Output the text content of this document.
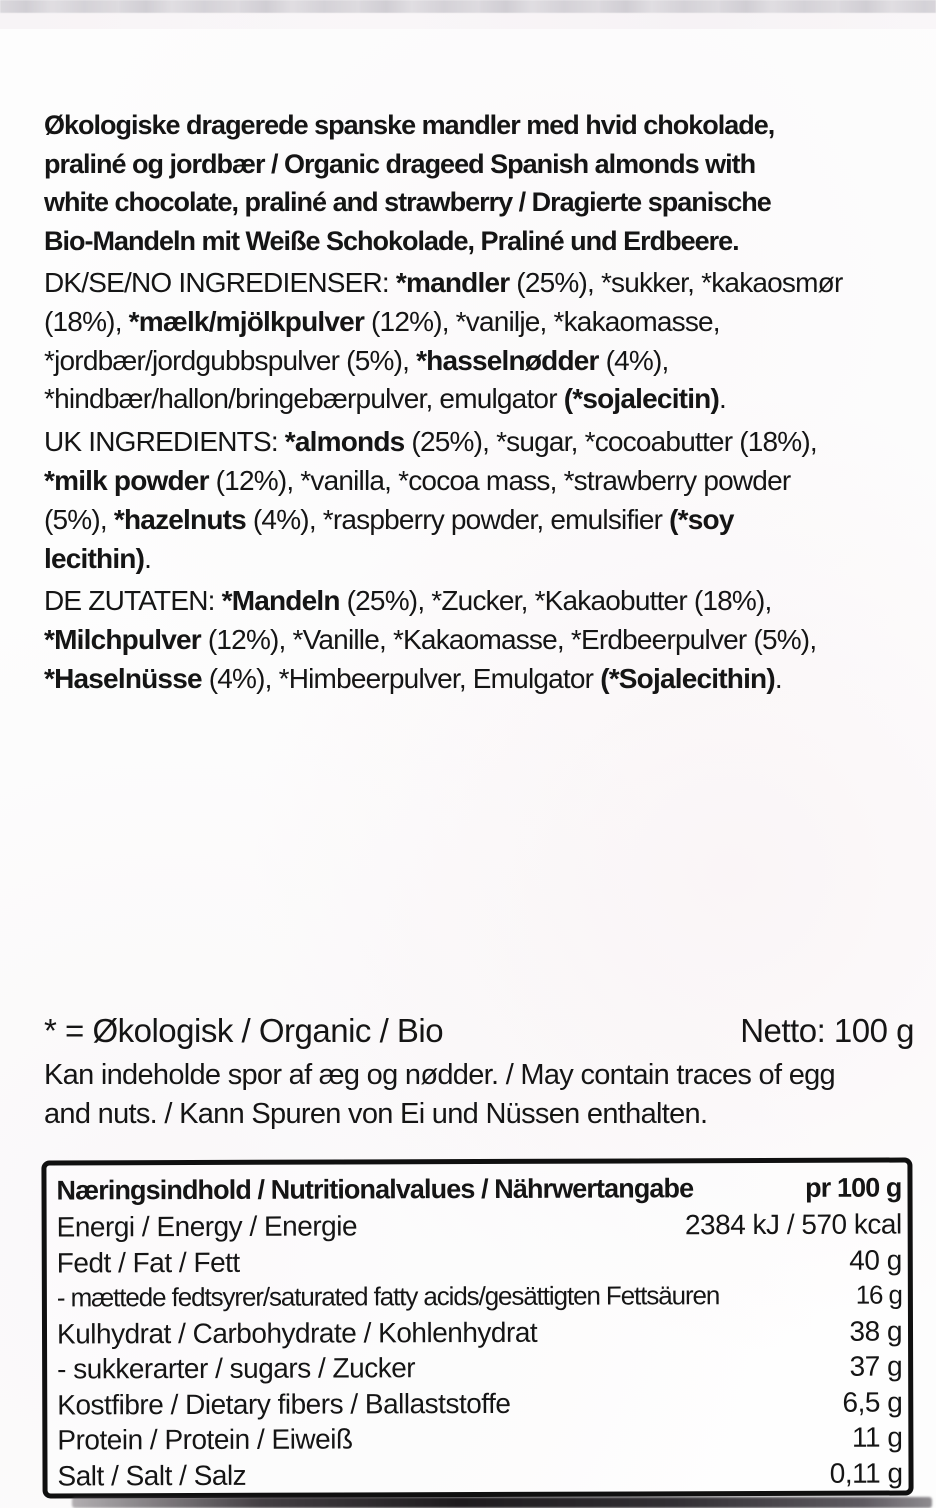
Økologiske dragerede spanske mandler med hvid chokolade,
praliné og jordbær / Organic drageed Spanish almonds with
white chocolate, praliné and strawberry / Dragierte spanische
Bio-Mandeln mit Weiße Schokolade, Praliné und Erdbeere.

DK/SE/NO INGREDIENSER: *mandler (25%), *sukker, *kakaosmør
(18%), *mælk/mjölkpulver (12%), *vanilje, *kakaomasse,
*jordbær/jordgubbspulver (5%), *hasselnødder (4%),
*hindbær/hallon/bringebærpulver, emulgator (*sojalecitin).

UK INGREDIENTS: *almonds (25%), *sugar, *cocoabutter (18%),
*milk powder (12%), *vanilla, *cocoa mass, *strawberry powder
(5%), *hazelnuts (4%), *raspberry powder, emulsifier (*soy
lecithin).

DE ZUTATEN: *Mandeln (25%), *Zucker, *Kakaobutter (18%),
*Milchpulver (12%), *Vanille, *Kakaomasse, *Erdbeerpulver (5%),
*Haselnüsse (4%), *Himbeerpulver, Emulgator (*Sojalecithin).

* = Økologisk / Organic / Bio	Netto: 100 g
Kan indeholde spor af æg og nødder. / May contain traces of egg
and nuts. / Kann Spuren von Ei und Nüssen enthalten.
Næringsindhold / Nutritionalvalues / Nährwertangabe	pr 100 g
Energi / Energy / Energie	2384 kJ / 570 kcal
Fedt / Fat / Fett	40 g
- mættede fedtsyrer/saturated fatty acids/gesättigten Fettsäuren	16 g
Kulhydrat / Carbohydrate / Kohlenhydrat	38 g
- sukkerarter / sugars / Zucker	37 g
Kostfibre / Dietary fibers / Ballaststoffe	6,5 g
Protein / Protein / Eiweiß	11 g
Salt / Salt / Salz	0,11 g
